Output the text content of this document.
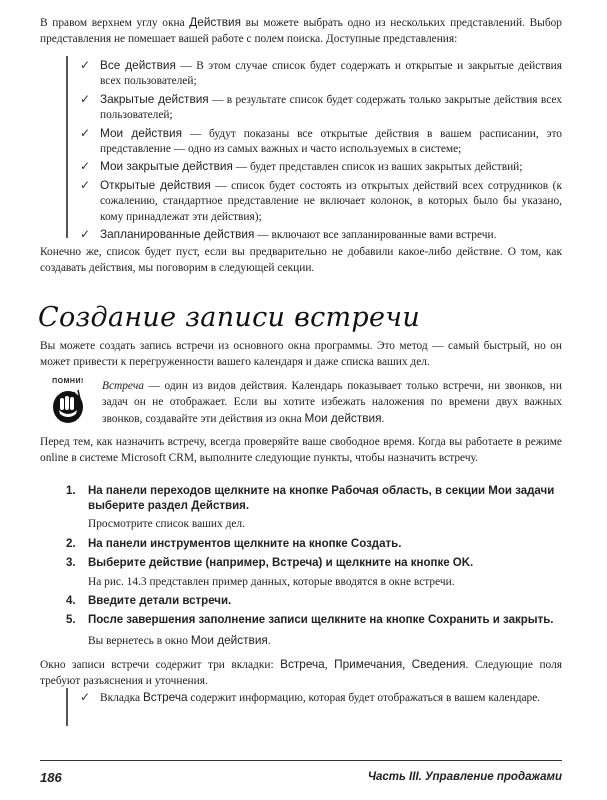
В правом верхнем углу окна Действия вы можете выбрать одно из нескольких представлений. Выбор представления не помешает вашей работе с полем поиска. Доступные представления:

✓ Все действия — В этом случае список будет содержать и открытые и закрытые действия всех пользователей;
✓ Закрытые действия — в результате список будет содержать только закрытые действия всех пользователей;
✓ Мои действия — будут показаны все открытые действия в вашем расписании, это представление — одно из самых важных и часто используемых в системе;
✓ Мои закрытые действия — будет представлен список из ваших закрытых действий;
✓ Открытые действия — список будет состоять из открытых действий всех сотрудников (к сожалению, стандартное представление не включает колонок, в которых было бы указано, кому принадлежат эти действия);
✓ Запланированные действия — включают все запланированные вами встречи.

Конечно же, список будет пуст, если вы предварительно не добавили какое-либо действие. О том, как создавать действия, мы поговорим в следующей секции.

Создание записи встречи

Вы можете создать запись встречи из основного окна программы. Это метод — самый быстрый, но он может привести к перегруженности вашего календаря и даже списка ваших дел.

ПОМНИ!	Встреча — один из видов действия. Календарь показывает только встречи, ни звонков, ни задач он не отображает. Если вы хотите избежать наложения по времени двух важных звонков, создавайте эти действия из окна Мои действия.

Перед тем, как назначить встречу, всегда проверяйте ваше свободное время. Когда вы работаете в режиме online в системе Microsoft CRM, выполните следующие пункты, чтобы назначить встречу.

1. На панели переходов щелкните на кнопке Рабочая область, в секции Мои задачи выберите раздел Действия.
Просмотрите список ваших дел.
2. На панели инструментов щелкните на кнопке Создать.
3. Выберите действие (например, Встреча) и щелкните на кнопке OK.
На рис. 14.3 представлен пример данных, которые вводятся в окне встречи.
4. Введите детали встречи.
5. После завершения заполнение записи щелкните на кнопке Сохранить и закрыть.
Вы вернетесь в окно Мои действия.

Окно записи встречи содержит три вкладки: Встреча, Примечания, Сведения. Следующие поля требуют разъяснения и уточнения.

✓ Вкладка Встреча содержит информацию, которая будет отображаться в вашем календаре.
186	Часть III. Управление продажами
